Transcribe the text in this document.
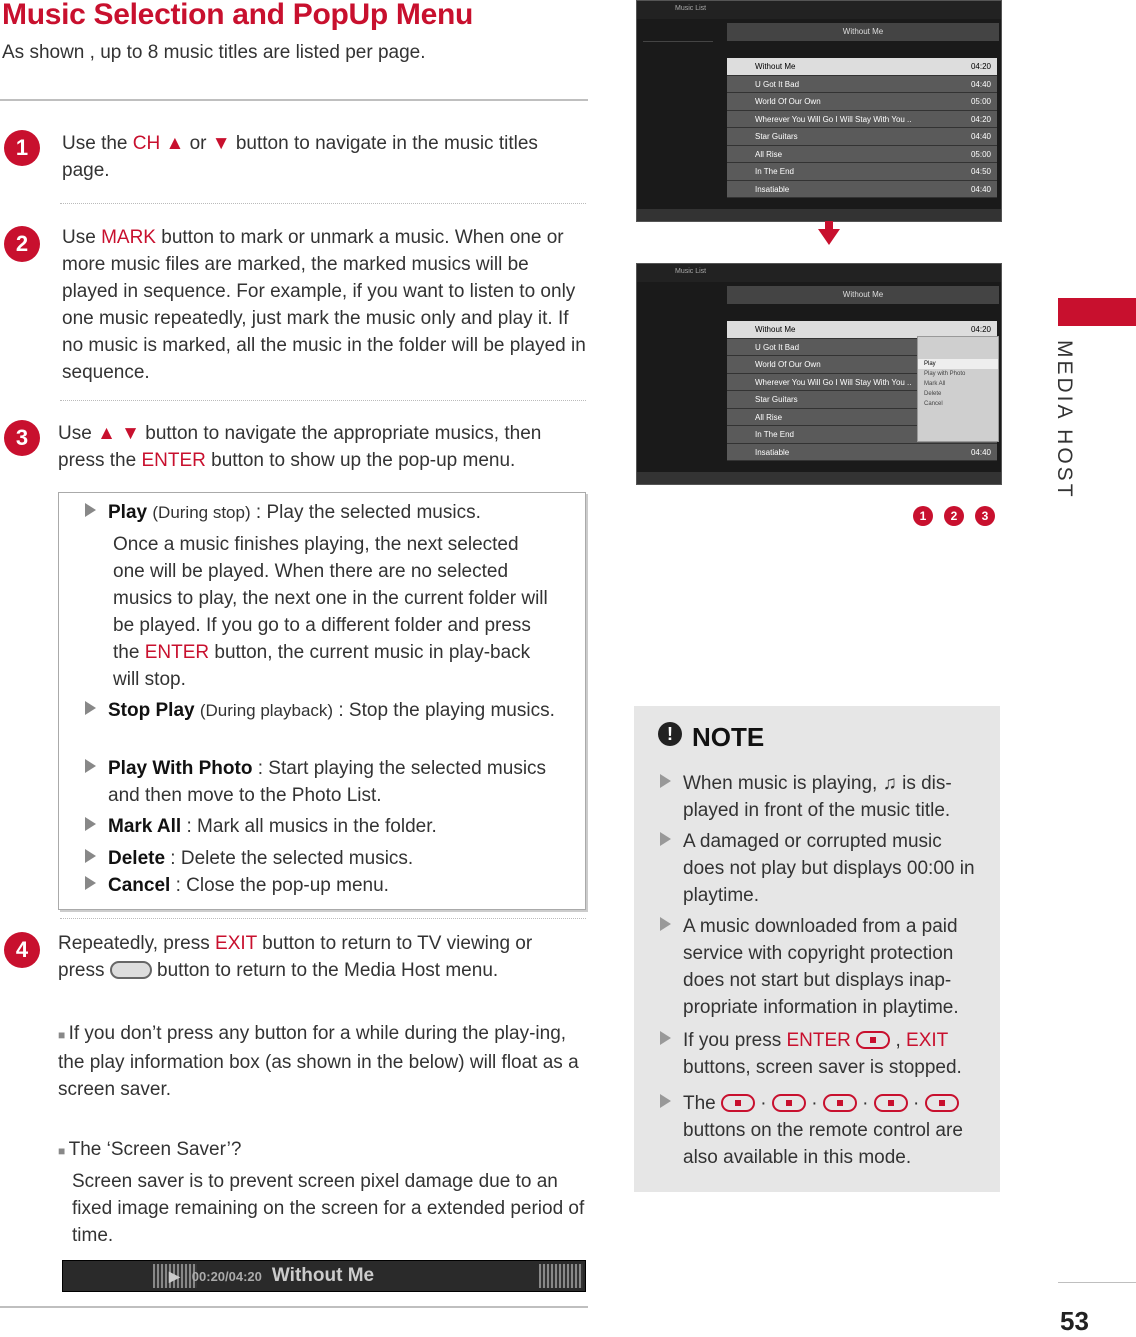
Music Selection and PopUp Menu
As shown , up to 8 music titles are listed per page.
1	Use the CH ▲ or ▼ button to navigate in the music titles page.
2	Use MARK button to mark or unmark a music. When one or more music files are marked, the marked musics will be played in sequence. For example, if you want to listen to only one music repeatedly, just mark the music only and play it. If no music is marked, all the music in the folder will be played in sequence.
3	Use ▲ ▼ button to navigate the appropriate musics, then press the ENTER button to show up the pop-up menu.
Play (During stop) : Play the selected musics.
Once a music finishes playing, the next selected one will be played. When there are no selected musics to play, the next one in the current folder will be played. If you go to a different folder and press the ENTER button, the current music in play-back will stop.
Stop Play (During playback) : Stop the playing musics.
Play With Photo : Start playing the selected musics and then move to the Photo List.
Mark All : Mark all musics in the folder.
Delete : Delete the selected musics.
Cancel : Close the pop-up menu.
4	Repeatedly, press EXIT button to return to TV viewing or press  button to return to the Media Host menu.
■ If you don’t press any button for a while during the play-ing, the play information box (as shown in the below) will float as a screen saver.
■ The ‘Screen Saver’?
Screen saver is to prevent screen pixel damage due to an fixed image remaining on the screen for a extended period of time.
▶ 00:20/04:20 Without Me
Music List
Without Me
Without Me	04:20
U Got It Bad	04:40
World Of Our Own	05:00
Wherever You Will Go I Will Stay With You ..	04:20
Star Guitars	04:40
All Rise	05:00
In The End	04:50
Insatiable	04:40
Music List
Without Me
Without Me	04:20
U Got It Bad
World Of Our Own
Wherever You Will Go I Will Stay With You ..
Star Guitars
All Rise
In The End
Insatiable	04:40
Play
Play with Photo
Mark All
Delete
Cancel
1	2	3
! NOTE
When music is playing, ♫ is dis-played in front of the music title.
A damaged or corrupted music does not play but displays 00:00 in playtime.
A music downloaded from a paid service with copyright protection does not start but displays inap-propriate information in playtime.
If you press ENTER  , EXIT buttons, screen saver is stopped.
The  ·  ·  ·  ·  buttons on the remote control are also available in this mode.
MEDIA HOST
53
